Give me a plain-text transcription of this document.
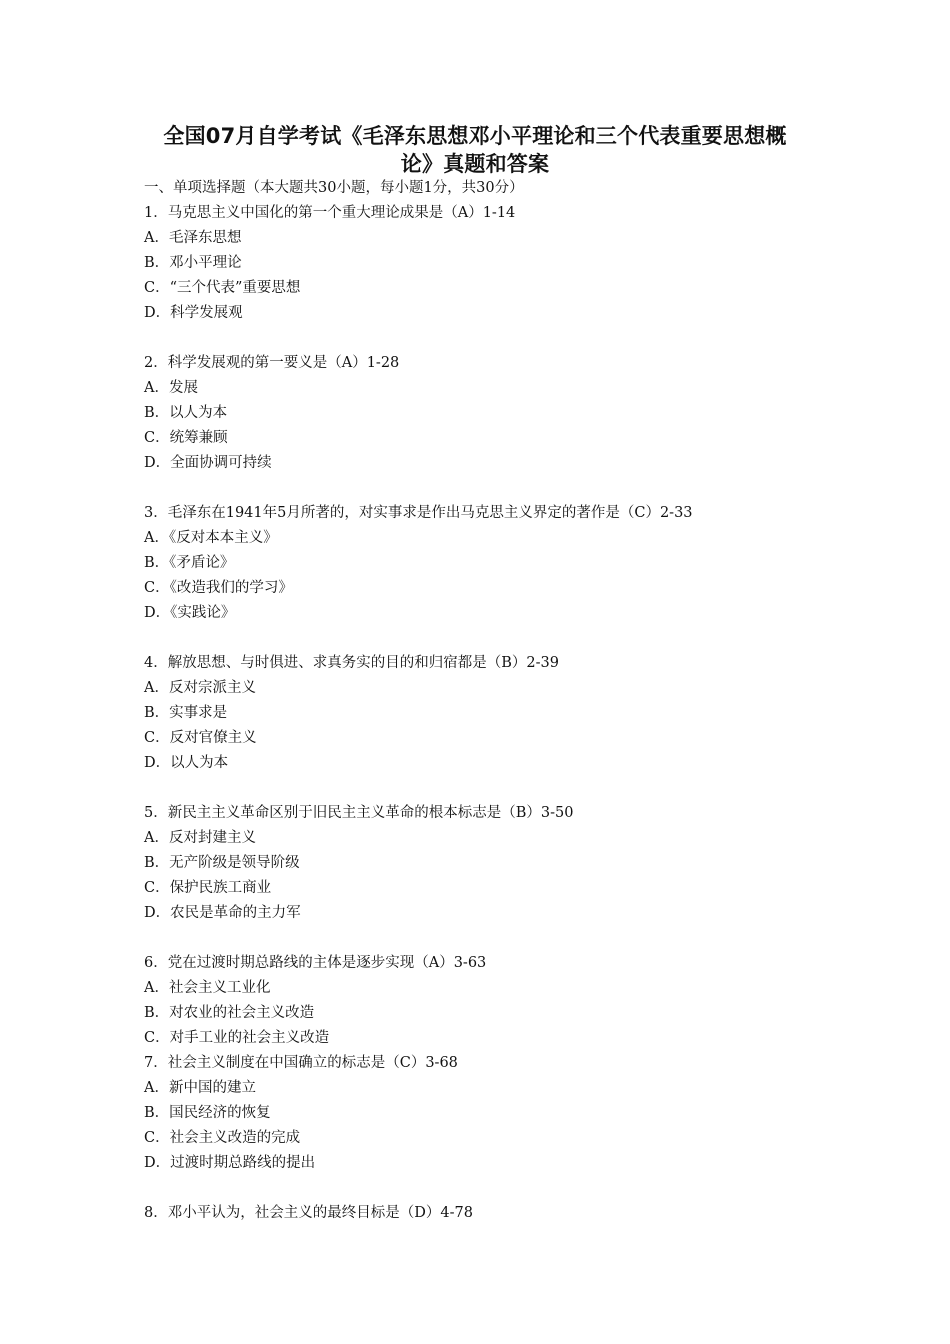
全国07月自学考试《毛泽东思想邓小平理论和三个代表重要思想概
论》真题和答案
一、单项选择题（本大题共30小题，每小题1分，共30分）
1．马克思主义中国化的第一个重大理论成果是（A）1-14
A．毛泽东思想
B．邓小平理论
C．“三个代表”重要思想
D．科学发展观
2．科学发展观的第一要义是（A）1-28
A．发展
B．以人为本
C．统筹兼顾
D．全面协调可持续
3．毛泽东在1941年5月所著的，对实事求是作出马克思主义界定的著作是（C）2-33
A．《反对本本主义》
B．《矛盾论》
C．《改造我们的学习》
D．《实践论》
4．解放思想、与时俱进、求真务实的目的和归宿都是（B）2-39
A．反对宗派主义
B．实事求是
C．反对官僚主义
D．以人为本
5．新民主主义革命区别于旧民主主义革命的根本标志是（B）3-50
A．反对封建主义
B．无产阶级是领导阶级
C．保护民族工商业
D．农民是革命的主力军
6．党在过渡时期总路线的主体是逐步实现（A）3-63
A．社会主义工业化
B．对农业的社会主义改造
C．对手工业的社会主义改造
7．社会主义制度在中国确立的标志是（C）3-68
A．新中国的建立
B．国民经济的恢复
C．社会主义改造的完成
D．过渡时期总路线的提出
8．邓小平认为，社会主义的最终目标是（D）4-78
